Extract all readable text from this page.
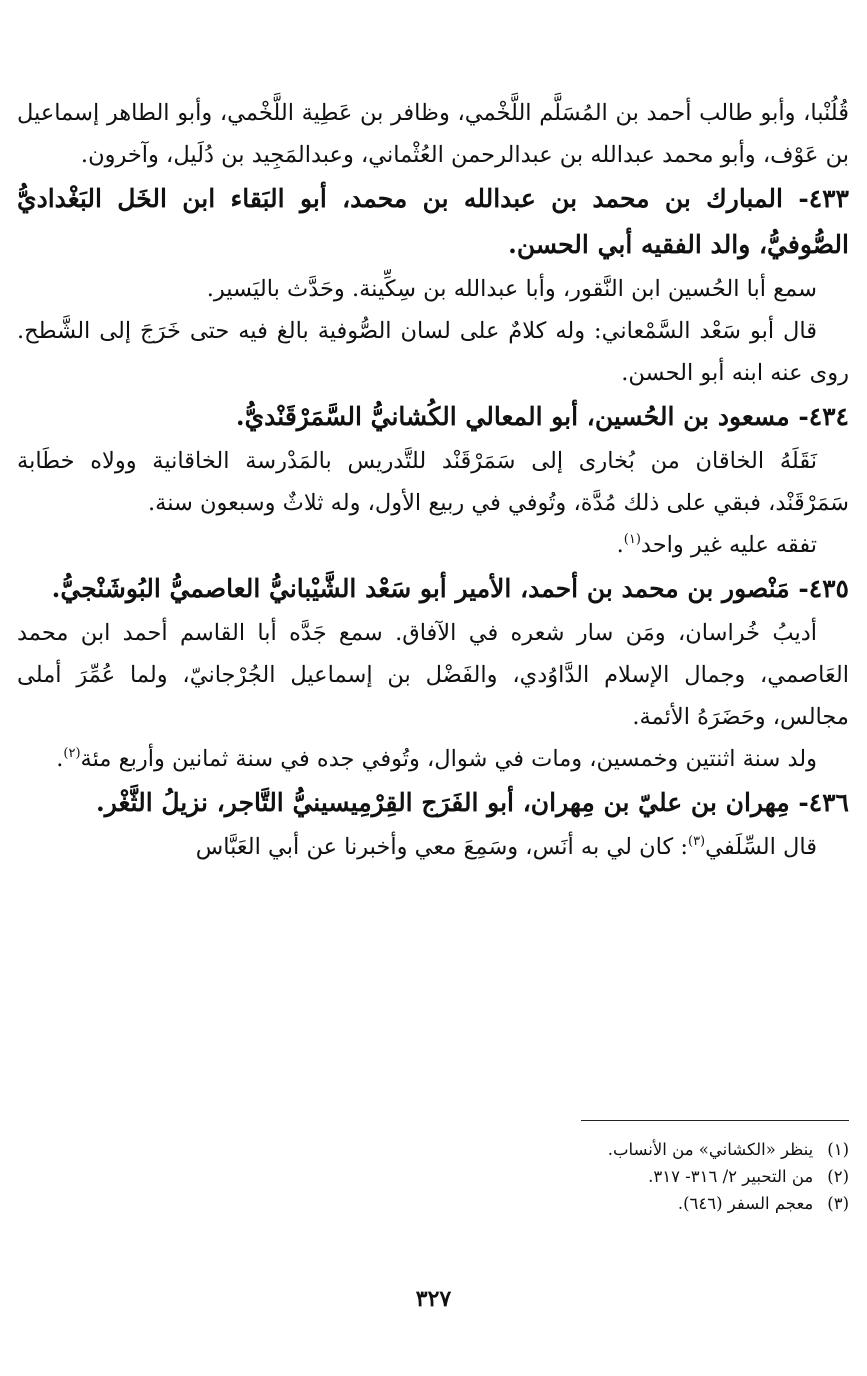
قُلُنْبا، وأبو طالب أحمد بن المُسَلَّم اللَّخْمي، وظافر بن عَطِية اللَّخْمي، وأبو الطاهر إسماعيل بن عَوْف، وأبو محمد عبدالله بن عبدالرحمن العُثْماني، وعبدالمَجِيد بن دُلَيل، وآخرون.

٤٣٣- المبارك بن محمد بن عبدالله بن محمد، أبو البَقاء ابن الخَل البَغْداديُّ الصُّوفيُّ، والد الفقيه أبي الحسن.

سمع أبا الحُسين ابن النَّقور، وأبا عبدالله بن سِكِّينة. وحَدَّث باليَسير.

قال أبو سَعْد السَّمْعاني: وله كلامٌ على لسان الصُّوفية بالغ فيه حتى خَرَجَ إلى الشَّطح. روى عنه ابنه أبو الحسن.

٤٣٤- مسعود بن الحُسين، أبو المعالي الكُشانيُّ السَّمَرْقَنْديُّ.

نَقَلَهُ الخاقان من بُخارى إلى سَمَرْقَنْد للتَّدريس بالمَدْرسة الخاقانية وولاه خطَابة سَمَرْقَنْد، فبقي على ذلك مُدَّة، وتُوفي في ربيع الأول، وله ثلاثٌ وسبعون سنة.

تفقه عليه غير واحد$^{(١)}$.

٤٣٥- مَنْصور بن محمد بن أحمد، الأمير أبو سَعْد الشَّيْبانيُّ العاصميُّ البُوشَنْجيُّ.

أديبُ خُراسان، ومَن سار شعره في الآفاق. سمع جَدَّه أبا القاسم أحمد ابن محمد العَاصمي، وجمال الإسلام الدَّاوُدي، والفَضْل بن إسماعيل الجُرْجانيّ، ولما عُمِّرَ أملى مجالس، وحَضَرَهُ الأئمة.

ولد سنة اثنتين وخمسين، ومات في شوال، وتُوفي جده في سنة ثمانين وأربع مئة$^{(٢)}$.

٤٣٦- مِهران بن عليّ بن مِهران، أبو الفَرَج القِرْمِيسينيُّ التَّاجر، نزيلُ الثَّغْر.

قال السِّلَفي$^{(٣)}$: كان لي به أنَس، وسَمِعَ معي وأخبرنا عن أبي العَبَّاس

(١)
ينظر «الكشاني» من الأنساب.
(٢)
من التحبير ٢/ ٣١٦- ٣١٧.
(٣)
معجم السفر (٦٤٦).
٣٢٧
